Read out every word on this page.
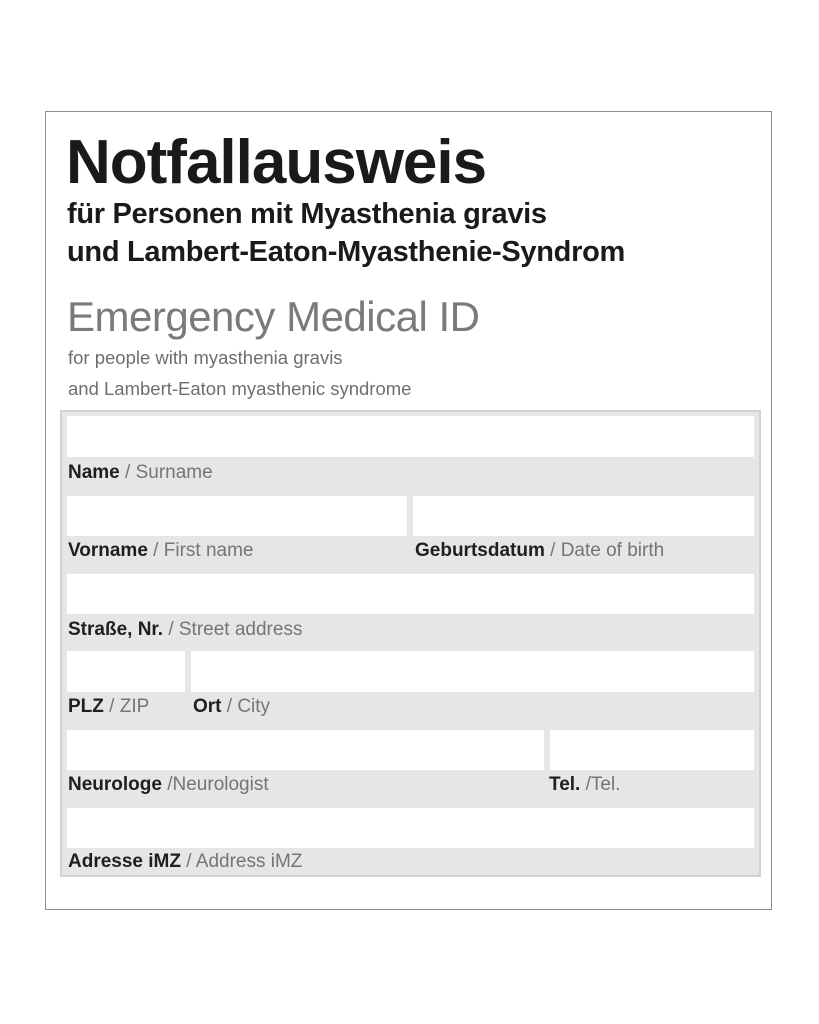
Notfallausweis
für Personen mit Myasthenia gravis
und Lambert-Eaton-Myasthenie-Syndrom
Emergency Medical ID
for people with myasthenia gravis
and Lambert-Eaton myasthenic syndrome
Name / Surname
Vorname / First name	Geburtsdatum / Date of birth
Straße, Nr. / Street address
PLZ / ZIP Ort / City
Neurologe /Neurologist	Tel. /Tel.
Adresse iMZ / Address iMZ
